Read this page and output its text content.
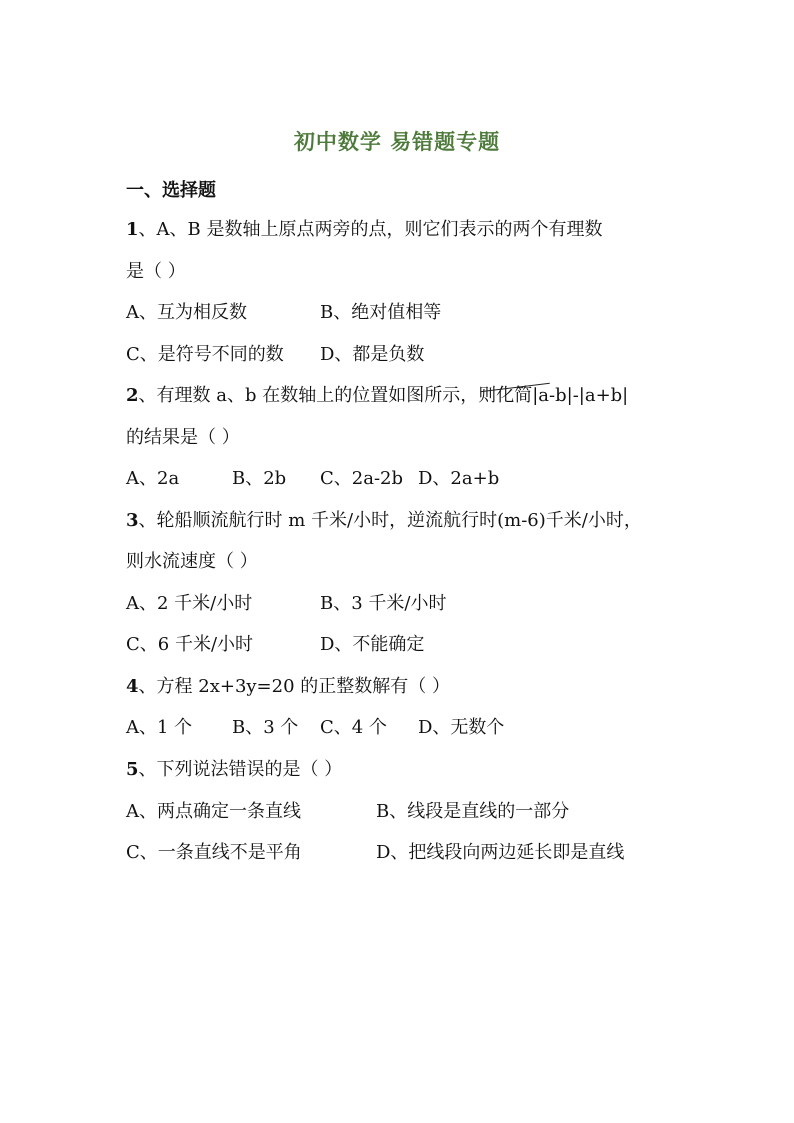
初中数学 易错题专题
一、选择题
1、A、B 是数轴上原点两旁的点，则它们表示的两个有理数
是（ ）
A、互为相反数	B、绝对值相等
C、是符号不同的数 D、都是负数
2、有理数 a、b 在数轴上的位置如图所示，则化简|a-b|-|a+b|
的结果是（ ）
A、2a	B、2b C、2a-2b D、2a+b
3、轮船顺流航行时 m 千米/小时，逆流航行时(m-6)千米/小时，
则水流速度（ ）
A、2 千米/小时	B、3 千米/小时
C、6 千米/小时	D、不能确定
4、方程 2x+3y=20 的正整数解有（ ）
A、1 个 B、3 个 C、4 个 D、无数个
5、下列说法错误的是（ ）
A、两点确定一条直线	B、线段是直线的一部分
C、一条直线不是平角	D、把线段向两边延长即是直线
